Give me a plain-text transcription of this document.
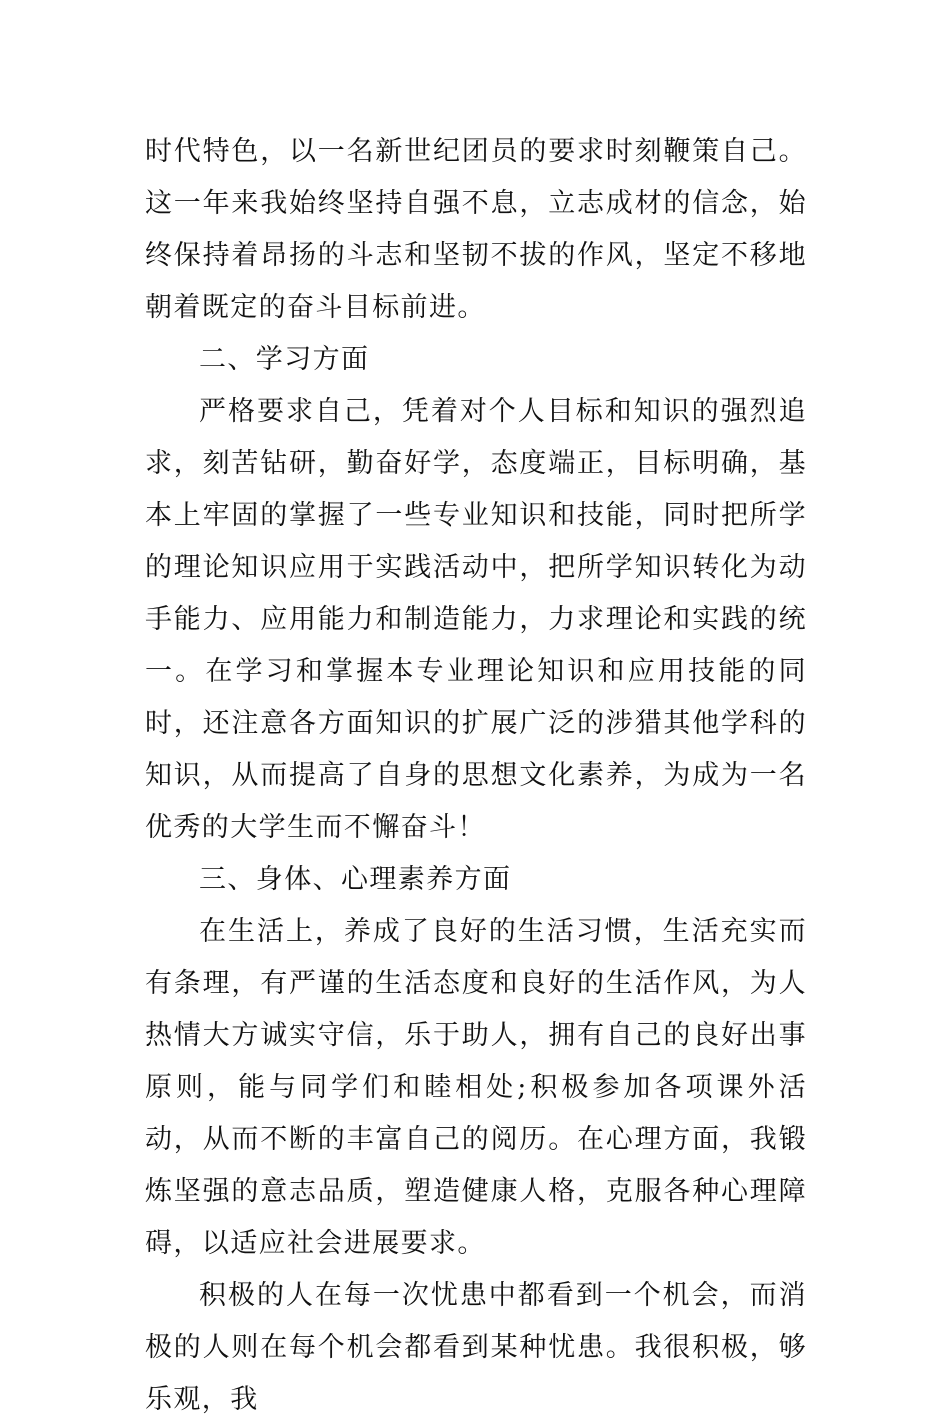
时代特色，以一名新世纪团员的要求时刻鞭策自己。这一年来我始终坚持自强不息，立志成材的信念，始终保持着昂扬的斗志和坚韧不拔的作风，坚定不移地朝着既定的奋斗目标前进。

二、学习方面

严格要求自己，凭着对个人目标和知识的强烈追求，刻苦钻研，勤奋好学，态度端正，目标明确，基本上牢固的掌握了一些专业知识和技能，同时把所学的理论知识应用于实践活动中，把所学知识转化为动手能力、应用能力和制造能力，力求理论和实践的统一。在学习和掌握本专业理论知识和应用技能的同时，还注意各方面知识的扩展广泛的涉猎其他学科的知识，从而提高了自身的思想文化素养，为成为一名优秀的大学生而不懈奋斗！

三、身体、心理素养方面

在生活上，养成了良好的生活习惯，生活充实而有条理，有严谨的生活态度和良好的生活作风，为人热情大方诚实守信，乐于助人，拥有自己的良好出事原则，能与同学们和睦相处;积极参加各项课外活动，从而不断的丰富自己的阅历。在心理方面，我锻炼坚强的意志品质，塑造健康人格，克服各种心理障碍，以适应社会进展要求。

积极的人在每一次忧患中都看到一个机会，而消极的人则在每个机会都看到某种忧患。我很积极，够乐观，我
